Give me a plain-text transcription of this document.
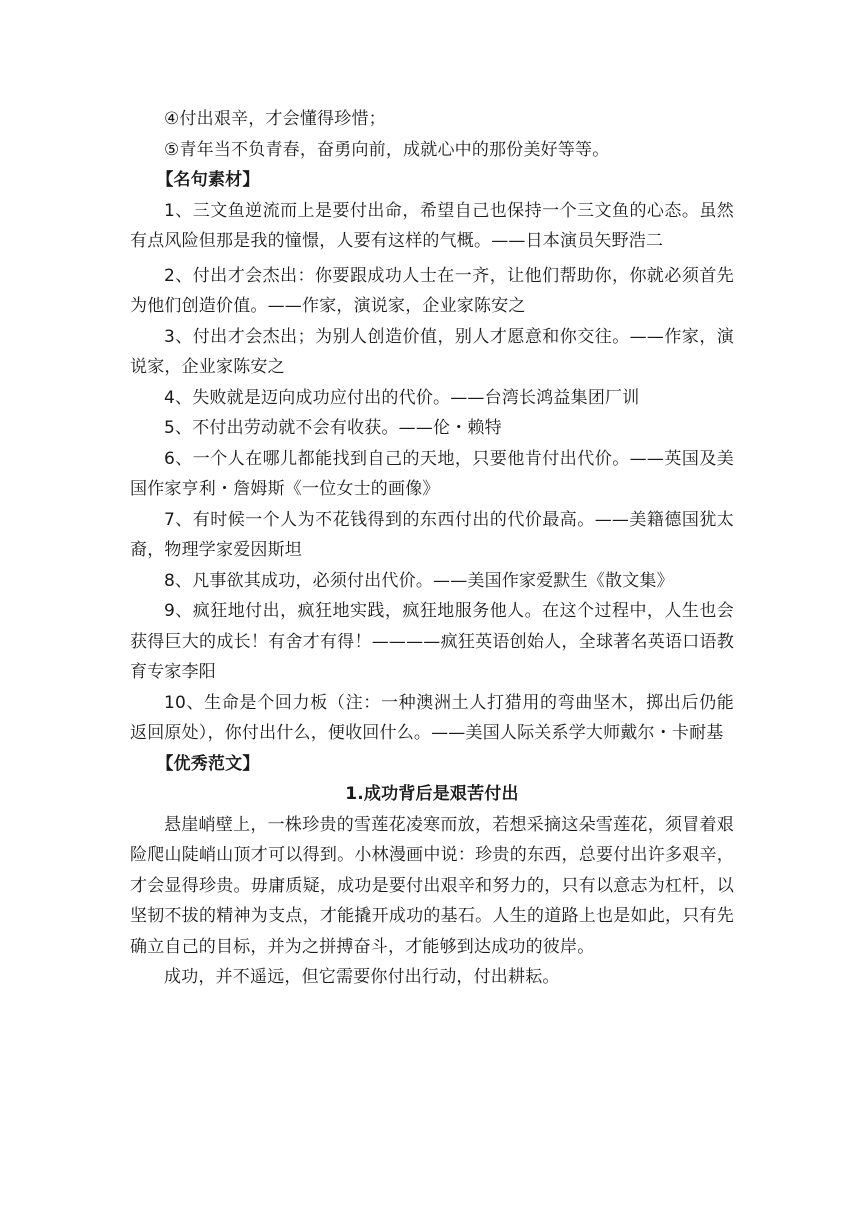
④付出艰辛，才会懂得珍惜；

⑤青年当不负青春，奋勇向前，成就心中的那份美好等等。

【名句素材】

1、三文鱼逆流而上是要付出命，希望自己也保持一个三文鱼的心态。虽然有点风险但那是我的憧憬，人要有这样的气概。——日本演员矢野浩二

2、付出才会杰出：你要跟成功人士在一齐，让他们帮助你，你就必须首先为他们创造价值。——作家，演说家，企业家陈安之

3、付出才会杰出；为别人创造价值，别人才愿意和你交往。——作家，演说家，企业家陈安之

4、失败就是迈向成功应付出的代价。——台湾长鸿益集团厂训

5、不付出劳动就不会有收获。——伦・赖特

6、一个人在哪儿都能找到自己的天地，只要他肯付出代价。——英国及美国作家亨利・詹姆斯《一位女士的画像》

7、有时候一个人为不花钱得到的东西付出的代价最高。——美籍德国犹太裔，物理学家爱因斯坦

8、凡事欲其成功，必须付出代价。——美国作家爱默生《散文集》

9、疯狂地付出，疯狂地实践，疯狂地服务他人。在这个过程中，人生也会获得巨大的成长！有舍才有得！————疯狂英语创始人，全球著名英语口语教育专家李阳

10、生命是个回力板（注：一种澳洲土人打猎用的弯曲坚木，掷出后仍能返回原处），你付出什么，便收回什么。——美国人际关系学大师戴尔・卡耐基

【优秀范文】

1.成功背后是艰苦付出

悬崖峭壁上，一株珍贵的雪莲花凌寒而放，若想采摘这朵雪莲花，须冒着艰险爬山陡峭山顶才可以得到。小林漫画中说：珍贵的东西，总要付出许多艰辛，才会显得珍贵。毋庸质疑，成功是要付出艰辛和努力的，只有以意志为杠杆，以坚韧不拔的精神为支点，才能撬开成功的基石。人生的道路上也是如此，只有先确立自己的目标，并为之拼搏奋斗，才能够到达成功的彼岸。

成功，并不遥远，但它需要你付出行动，付出耕耘。
